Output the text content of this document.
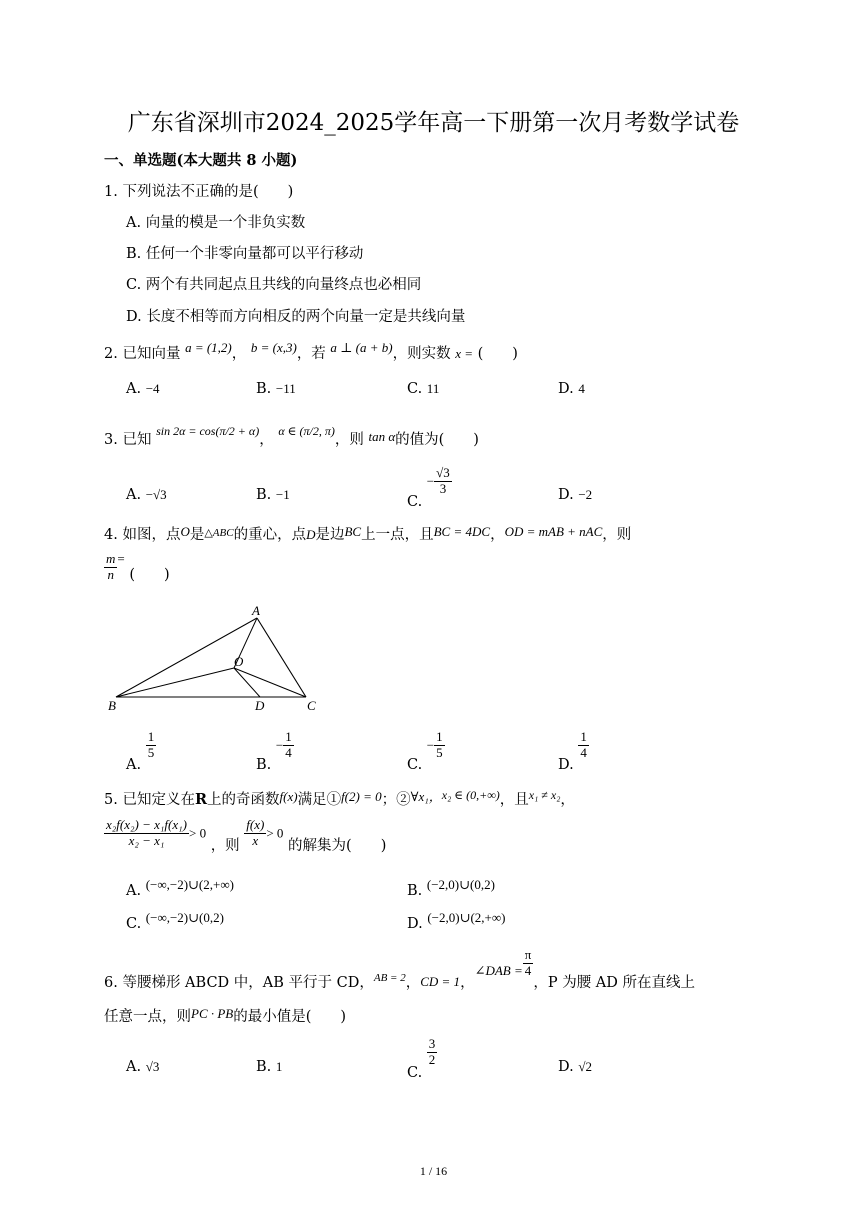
广东省深圳市2024_2025学年高一下册第一次月考数学试卷
一、单选题(本大题共 8 小题)
1. 下列说法不正确的是(　　)
A. 向量的模是一个非负实数
B. 任何一个非零向量都可以平行移动
C. 两个有共同起点且共线的向量终点也必相同
D. 长度不相等而方向相反的两个向量一定是共线向量
2. 已知向量 a = (1,2)， b = (x,3)，若 a ⊥ (a + b)，则实数 x = (　　)
A. −4	B. −11	C. 11	D. 4
3. 已知 $^{sin 2\alpha = cos(\pi/2 + \alpha)}$， $^{\alpha \in (\pi/2, \pi)}$，则 tan α的值为(　　)
A. −√3	B. −1	C. − $\frac{√3}{3}$	D. −2
4. 如图，点O是$^{\triangle ABC}$的重心，点D是边BC上一点，且BC = 4DC，OD = mAB + nAC，则
$\frac{m}{n}$ = (　　)
A
O
B	D	C
A.
$\frac{1}{5}$
B. − $\frac{1}{4}$
C. − $\frac{1}{5}$
D.
$\frac{1}{4}$
5. 已知定义在R上的奇函数f(x)满足①f(2) = 0；②∀x₁，$^{x_2 \in (0,+\infty)}$，且$^{x_1 \ne x_2}$，
$\frac{\text{x₂f(x₂) − x₁f(x₁)}}{\text{x₂ − x₁}} > 0$ ，则 $\frac{f(x)}{x} > 0$ 的解集为(　　)
A. (−∞,−2)∪(2,+∞)	B. (−2,0)∪(0,2)
C. (−∞,−2)∪(0,2)	D. (−2,0)∪(2,+∞)
6. 等腰梯形 ABCD 中，AB 平行于 CD，$_{AB = 2}$，CD = 1，∠DAB = $\frac{\pi}{4}$
，P 为腰 AD 所在直线上
任意一点，则PC · PB的最小值是(　　)
A. √3	B. 1	C.
$\frac{3}{2}$	D. √2
1 / 16
